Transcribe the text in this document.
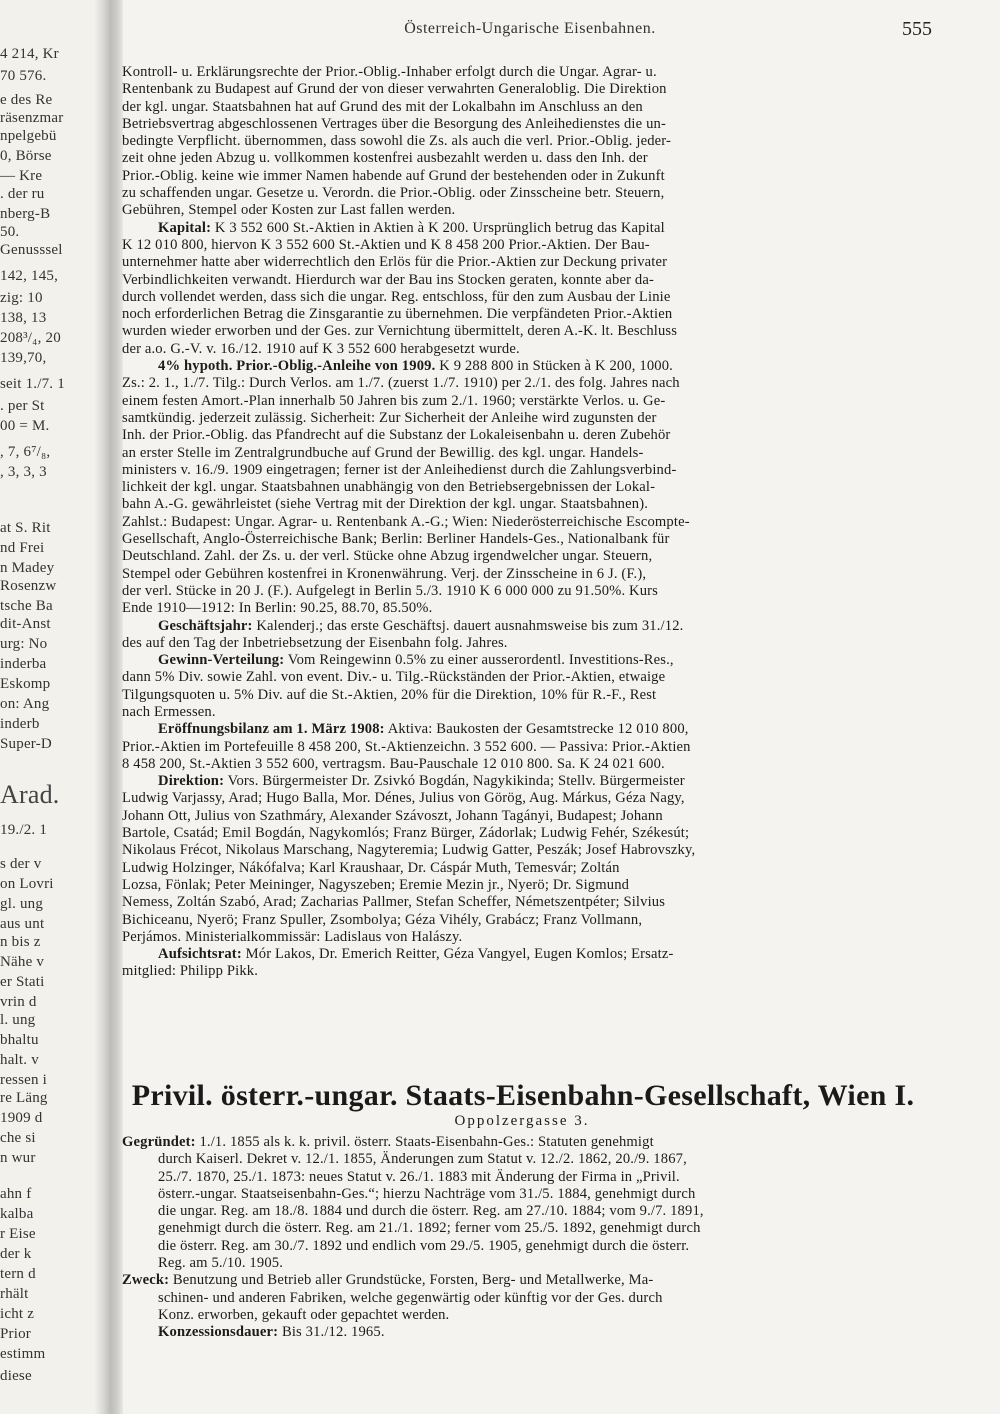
4 214, Kr
70 576.
e des Re
räsenzmar
npelgebü
0, Börse
— Kre
. der ru
nberg-B
50.
Genusssel
142, 145,
zig: 10
138, 13
208³/₄, 20
139,70,
seit 1./7. 1
. per St
00 = M.
, 7, 6⁷/₈,
, 3, 3, 3
at S. Rit
nd Frei
n Madey
Rosenzw
tsche Ba
dit-Anst
urg: No
inderba
Eskomp
on: Ang
inderb
Super-D
Arad.
19./2. 1
s der v
on Lovri
gl. ung
aus unt
n bis z
Nähe v
er Stati
vrin d
l. ung
bhaltu
halt. v
ressen i
re Läng
1909 d
che si
n wur
ahn f
kalba
r Eise
der k
tern d
rhält
icht z
Prior
estimm
diese
Österreich-Ungarische Eisenbahnen.	555
Kontroll- u. Erklärungsrechte der Prior.-Oblig.-Inhaber erfolgt durch die Ungar. Agrar- u.
Rentenbank zu Budapest auf Grund der von dieser verwahrten Generaloblig. Die Direktion
der kgl. ungar. Staatsbahnen hat auf Grund des mit der Lokalbahn im Anschluss an den
Betriebsvertrag abgeschlossenen Vertrages über die Besorgung des Anleihedienstes die un-
bedingte Verpflicht. übernommen, dass sowohl die Zs. als auch die verl. Prior.-Oblig. jeder-
zeit ohne jeden Abzug u. vollkommen kostenfrei ausbezahlt werden u. dass den Inh. der
Prior.-Oblig. keine wie immer Namen habende auf Grund der bestehenden oder in Zukunft
zu schaffenden ungar. Gesetze u. Verordn. die Prior.-Oblig. oder Zinsscheine betr. Steuern,
Gebühren, Stempel oder Kosten zur Last fallen werden.
Kapital: K 3 552 600 St.-Aktien in Aktien à K 200. Ursprünglich betrug das Kapital
K 12 010 800, hiervon K 3 552 600 St.-Aktien und K 8 458 200 Prior.-Aktien. Der Bau-
unternehmer hatte aber widerrechtlich den Erlös für die Prior.-Aktien zur Deckung privater
Verbindlichkeiten verwandt. Hierdurch war der Bau ins Stocken geraten, konnte aber da-
durch vollendet werden, dass sich die ungar. Reg. entschloss, für den zum Ausbau der Linie
noch erforderlichen Betrag die Zinsgarantie zu übernehmen. Die verpfändeten Prior.-Aktien
wurden wieder erworben und der Ges. zur Vernichtung übermittelt, deren A.-K. lt. Beschluss
der a.o. G.-V. v. 16./12. 1910 auf K 3 552 600 herabgesetzt wurde.
4% hypoth. Prior.-Oblig.-Anleihe von 1909. K 9 288 800 in Stücken à K 200, 1000.
Zs.: 2. 1., 1./7. Tilg.: Durch Verlos. am 1./7. (zuerst 1./7. 1910) per 2./1. des folg. Jahres nach
einem festen Amort.-Plan innerhalb 50 Jahren bis zum 2./1. 1960; verstärkte Verlos. u. Ge-
samtkündig. jederzeit zulässig. Sicherheit: Zur Sicherheit der Anleihe wird zugunsten der
Inh. der Prior.-Oblig. das Pfandrecht auf die Substanz der Lokaleisenbahn u. deren Zubehör
an erster Stelle im Zentralgrundbuche auf Grund der Bewillig. des kgl. ungar. Handels-
ministers v. 16./9. 1909 eingetragen; ferner ist der Anleihedienst durch die Zahlungsverbind-
lichkeit der kgl. ungar. Staatsbahnen unabhängig von den Betriebsergebnissen der Lokal-
bahn A.-G. gewährleistet (siehe Vertrag mit der Direktion der kgl. ungar. Staatsbahnen).
Zahlst.: Budapest: Ungar. Agrar- u. Rentenbank A.-G.; Wien: Niederösterreichische Escompte-
Gesellschaft, Anglo-Österreichische Bank; Berlin: Berliner Handels-Ges., Nationalbank für
Deutschland. Zahl. der Zs. u. der verl. Stücke ohne Abzug irgendwelcher ungar. Steuern,
Stempel oder Gebühren kostenfrei in Kronenwährung. Verj. der Zinsscheine in 6 J. (F.),
der verl. Stücke in 20 J. (F.). Aufgelegt in Berlin 5./3. 1910 K 6 000 000 zu 91.50%. Kurs
Ende 1910—1912: In Berlin: 90.25, 88.70, 85.50%.
Geschäftsjahr: Kalenderj.; das erste Geschäftsj. dauert ausnahmsweise bis zum 31./12.
des auf den Tag der Inbetriebsetzung der Eisenbahn folg. Jahres.
Gewinn-Verteilung: Vom Reingewinn 0.5% zu einer ausserordentl. Investitions-Res.,
dann 5% Div. sowie Zahl. von event. Div.- u. Tilg.-Rückständen der Prior.-Aktien, etwaige
Tilgungsquoten u. 5% Div. auf die St.-Aktien, 20% für die Direktion, 10% für R.-F., Rest
nach Ermessen.
Eröffnungsbilanz am 1. März 1908: Aktiva: Baukosten der Gesamtstrecke 12 010 800,
Prior.-Aktien im Portefeuille 8 458 200, St.-Aktienzeichn. 3 552 600. — Passiva: Prior.-Aktien
8 458 200, St.-Aktien 3 552 600, vertragsm. Bau-Pauschale 12 010 800. Sa. K 24 021 600.
Direktion: Vors. Bürgermeister Dr. Zsivkó Bogdán, Nagykikinda; Stellv. Bürgermeister
Ludwig Varjassy, Arad; Hugo Balla, Mor. Dénes, Julius von Görög, Aug. Márkus, Géza Nagy,
Johann Ott, Julius von Szathmáry, Alexander Szávoszt, Johann Tagányi, Budapest; Johann
Bartole, Csatád; Emil Bogdán, Nagykomlós; Franz Bürger, Zádorlak; Ludwig Fehér, Székesút;
Nikolaus Frécot, Nikolaus Marschang, Nagyteremia; Ludwig Gatter, Peszák; Josef Habrovszky,
Ludwig Holzinger, Nákófalva; Karl Kraushaar, Dr. Cáspár Muth, Temesvár; Zoltán
Lozsa, Fönlak; Peter Meininger, Nagyszeben; Eremie Mezin jr., Nyerö; Dr. Sigmund
Nemess, Zoltán Szabó, Arad; Zacharias Pallmer, Stefan Scheffer, Németszentpéter; Silvius
Bichiceanu, Nyerö; Franz Spuller, Zsombolya; Géza Vihély, Grabácz; Franz Vollmann,
Perjámos. Ministerialkommissär: Ladislaus von Halászy.
Aufsichtsrat: Mór Lakos, Dr. Emerich Reitter, Géza Vangyel, Eugen Komlos; Ersatz-
mitglied: Philipp Pikk.
Privil. österr.-ungar. Staats-Eisenbahn-Gesellschaft, Wien I.
Oppolzergasse 3.
Gegründet: 1./1. 1855 als k. k. privil. österr. Staats-Eisenbahn-Ges.: Statuten genehmigt
durch Kaiserl. Dekret v. 12./1. 1855, Änderungen zum Statut v. 12./2. 1862, 20./9. 1867,
25./7. 1870, 25./1. 1873: neues Statut v. 26./1. 1883 mit Änderung der Firma in „Privil.
österr.-ungar. Staatseisenbahn-Ges.“; hierzu Nachträge vom 31./5. 1884, genehmigt durch
die ungar. Reg. am 18./8. 1884 und durch die österr. Reg. am 27./10. 1884; vom 9./7. 1891,
genehmigt durch die österr. Reg. am 21./1. 1892; ferner vom 25./5. 1892, genehmigt durch
die österr. Reg. am 30./7. 1892 und endlich vom 29./5. 1905, genehmigt durch die österr.
Reg. am 5./10. 1905.
Zweck: Benutzung und Betrieb aller Grundstücke, Forsten, Berg- und Metallwerke, Ma-
schinen- und anderen Fabriken, welche gegenwärtig oder künftig vor der Ges. durch
Konz. erworben, gekauft oder gepachtet werden.
Konzessionsdauer: Bis 31./12. 1965.
